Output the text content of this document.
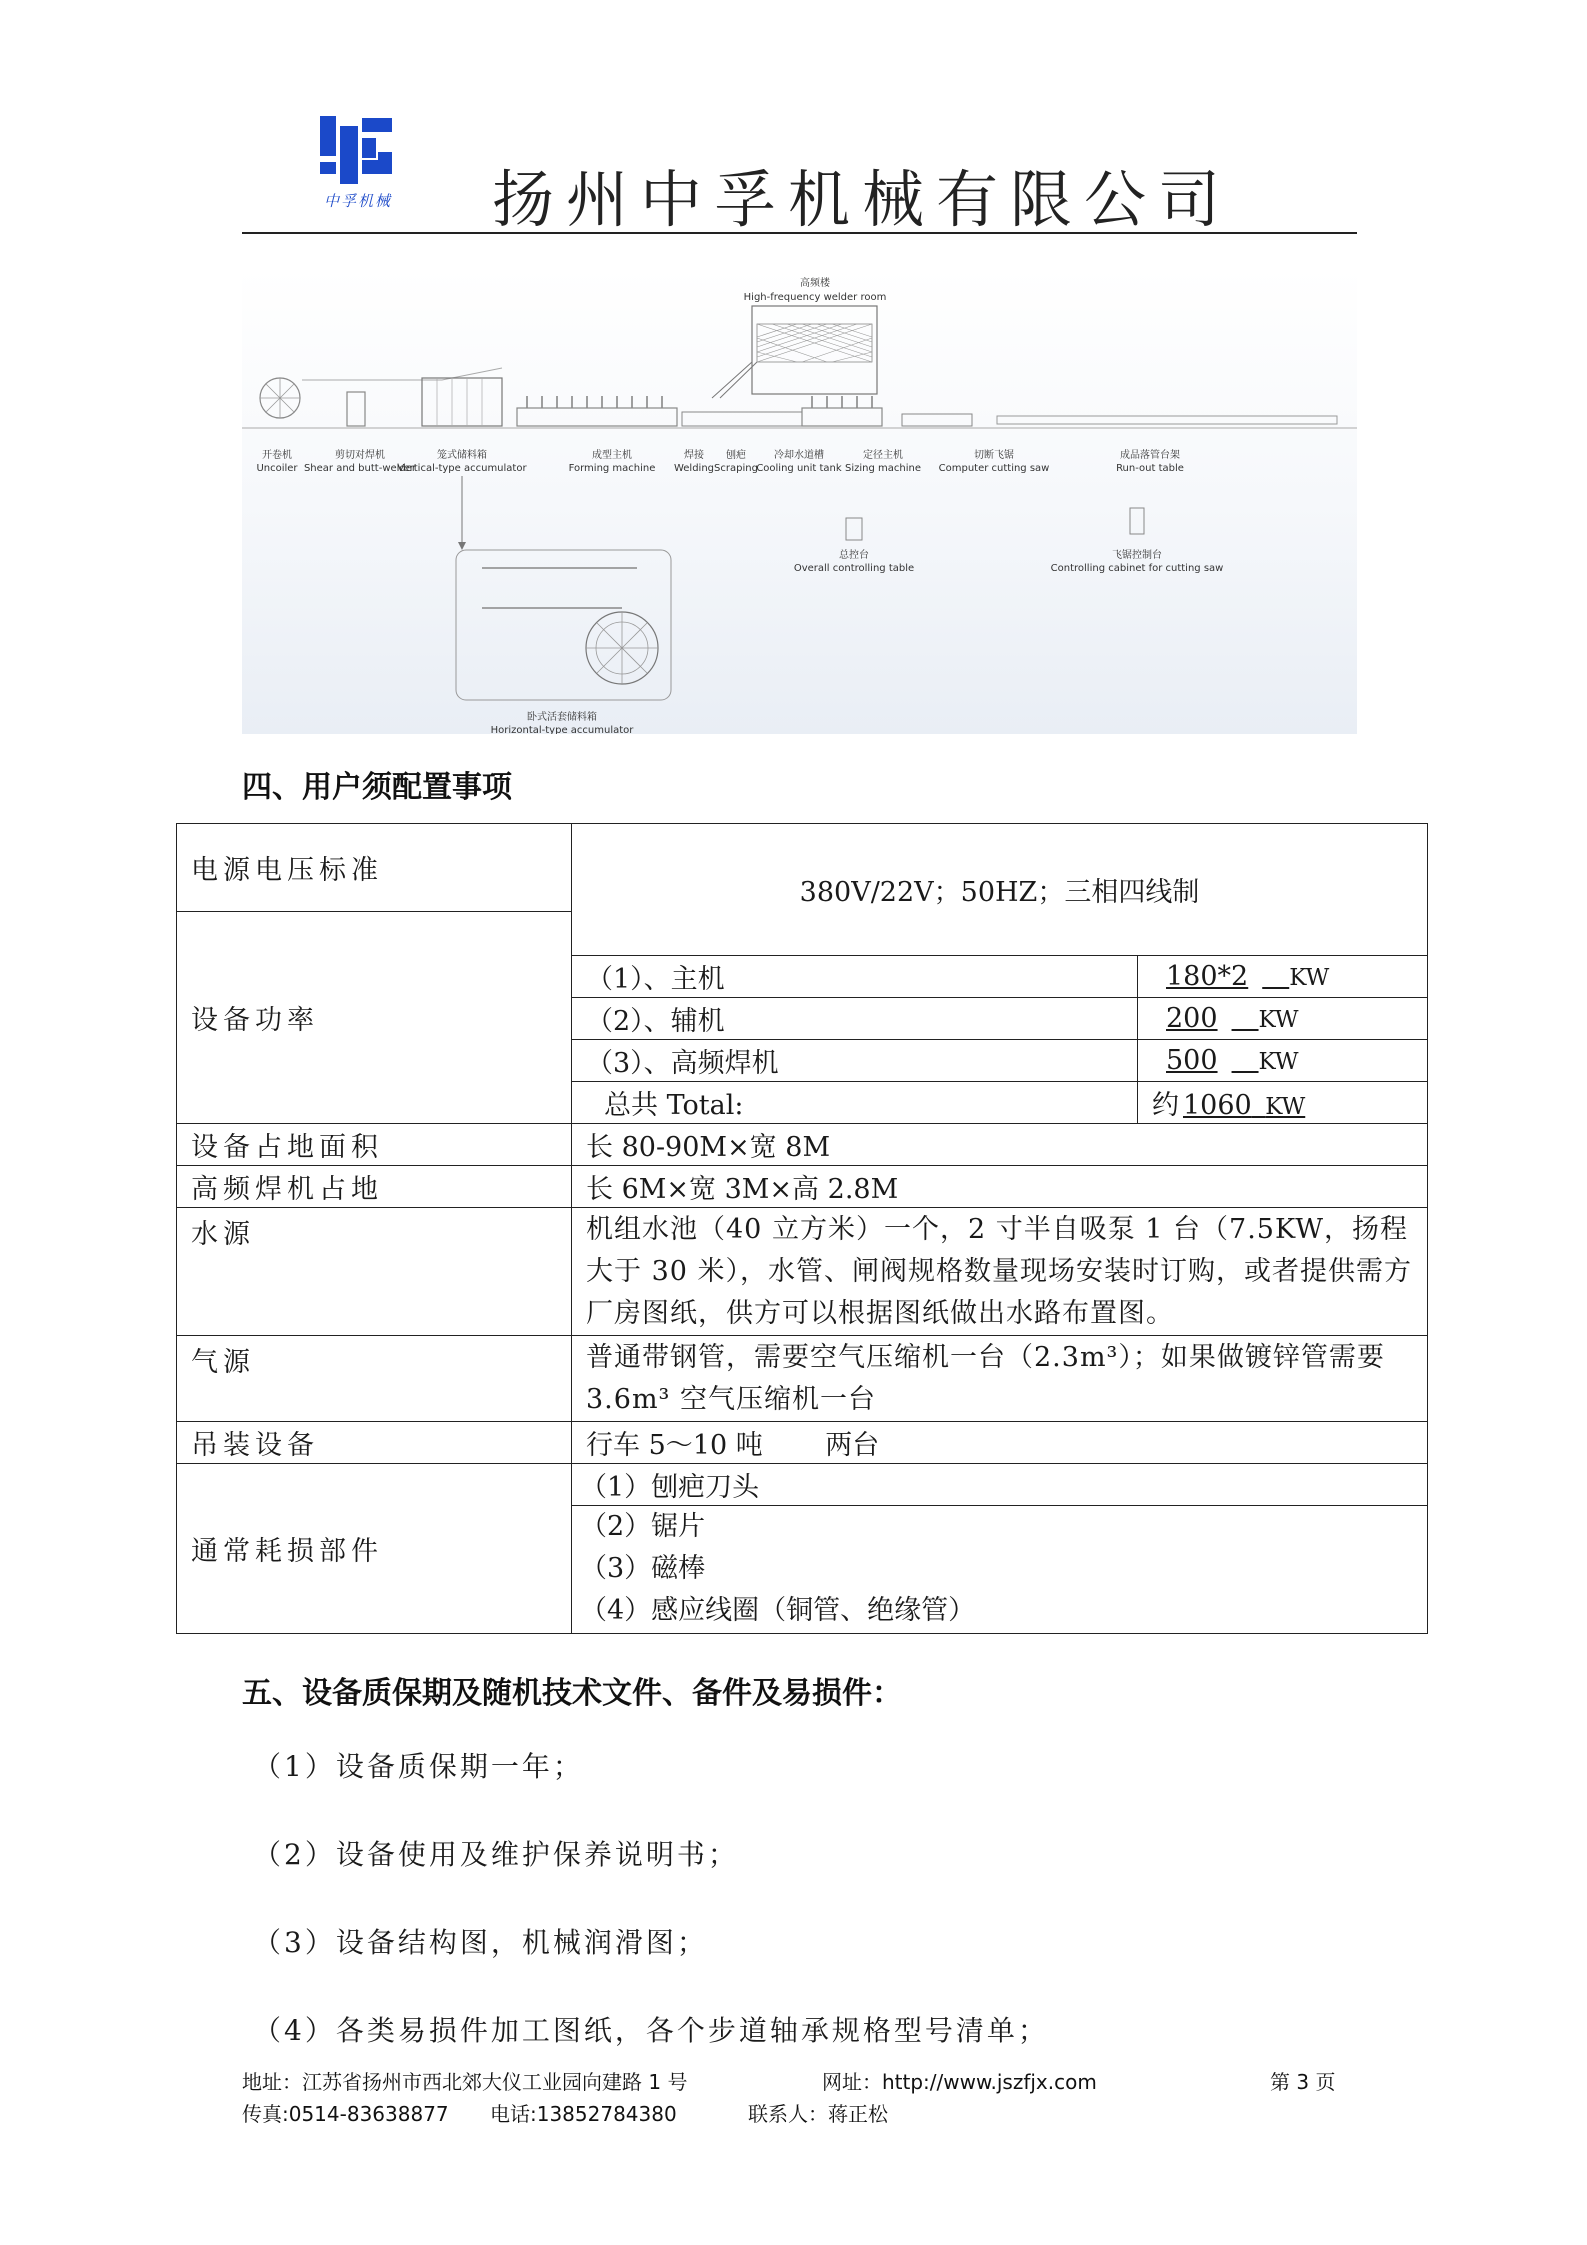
中孚机械 扬州中孚机械有限公司
高频楼
High-frequency welder room
开卷机
Uncoiler
剪切对焊机
Shear and butt-welder
笼式储料箱
Vertical-type accumulator
成型主机
Forming machine
焊接
Welding
刨疤
Scraping
冷却水道槽
Cooling unit tank
定径主机
Sizing machine
切断飞锯
Computer cutting saw
成品落管台架
Run-out table
总控台
Overall controlling table
飞锯控制台
Controlling cabinet for cutting saw
卧式活套储料箱
Horizontal-type accumulator
四、用户须配置事项
电源电压标准	380V/22V；50HZ；三相四线制	
设备功率		
	（1）、主机	180*2  KW
	（2）、辅机	200  KW
	（3）、高频焊机	500  KW
	总共 Total:	约 1060  KW
设备占地面积	长 80-90M×宽 8M	
高频焊机占地	长 6M×宽 3M×高 2.8M	
水源	机组水池（40 立方米）一个，2 寸半自吸泵 1 台（7.5KW，扬程大于 30 米），水管、闸阀规格数量现场安装时订购，或者提供需方厂房图纸，供方可以根据图纸做出水路布置图。	
气源	普通带钢管，需要空气压缩机一台（2.3m³）；如果做镀锌管需要 3.6m³ 空气压缩机一台	
吊装设备	行车 5～10 吨　　 两台	
通常耗损部件	（1）刨疤刀头	

	（2）锯片
（3）磁棒
（4）感应线圈（铜管、绝缘管）	
五、设备质保期及随机技术文件、备件及易损件：
（1）设备质保期一年；
（2）设备使用及维护保养说明书；
（3）设备结构图，机械润滑图；
（4）各类易损件加工图纸，各个步道轴承规格型号清单；
地址：江苏省扬州市西北郊大仪工业园向建路 1 号	网址：http://www.jszfjx.com	第 3 页
传真:0514-83638877 电话:13852784380	联系人：蒋正松
